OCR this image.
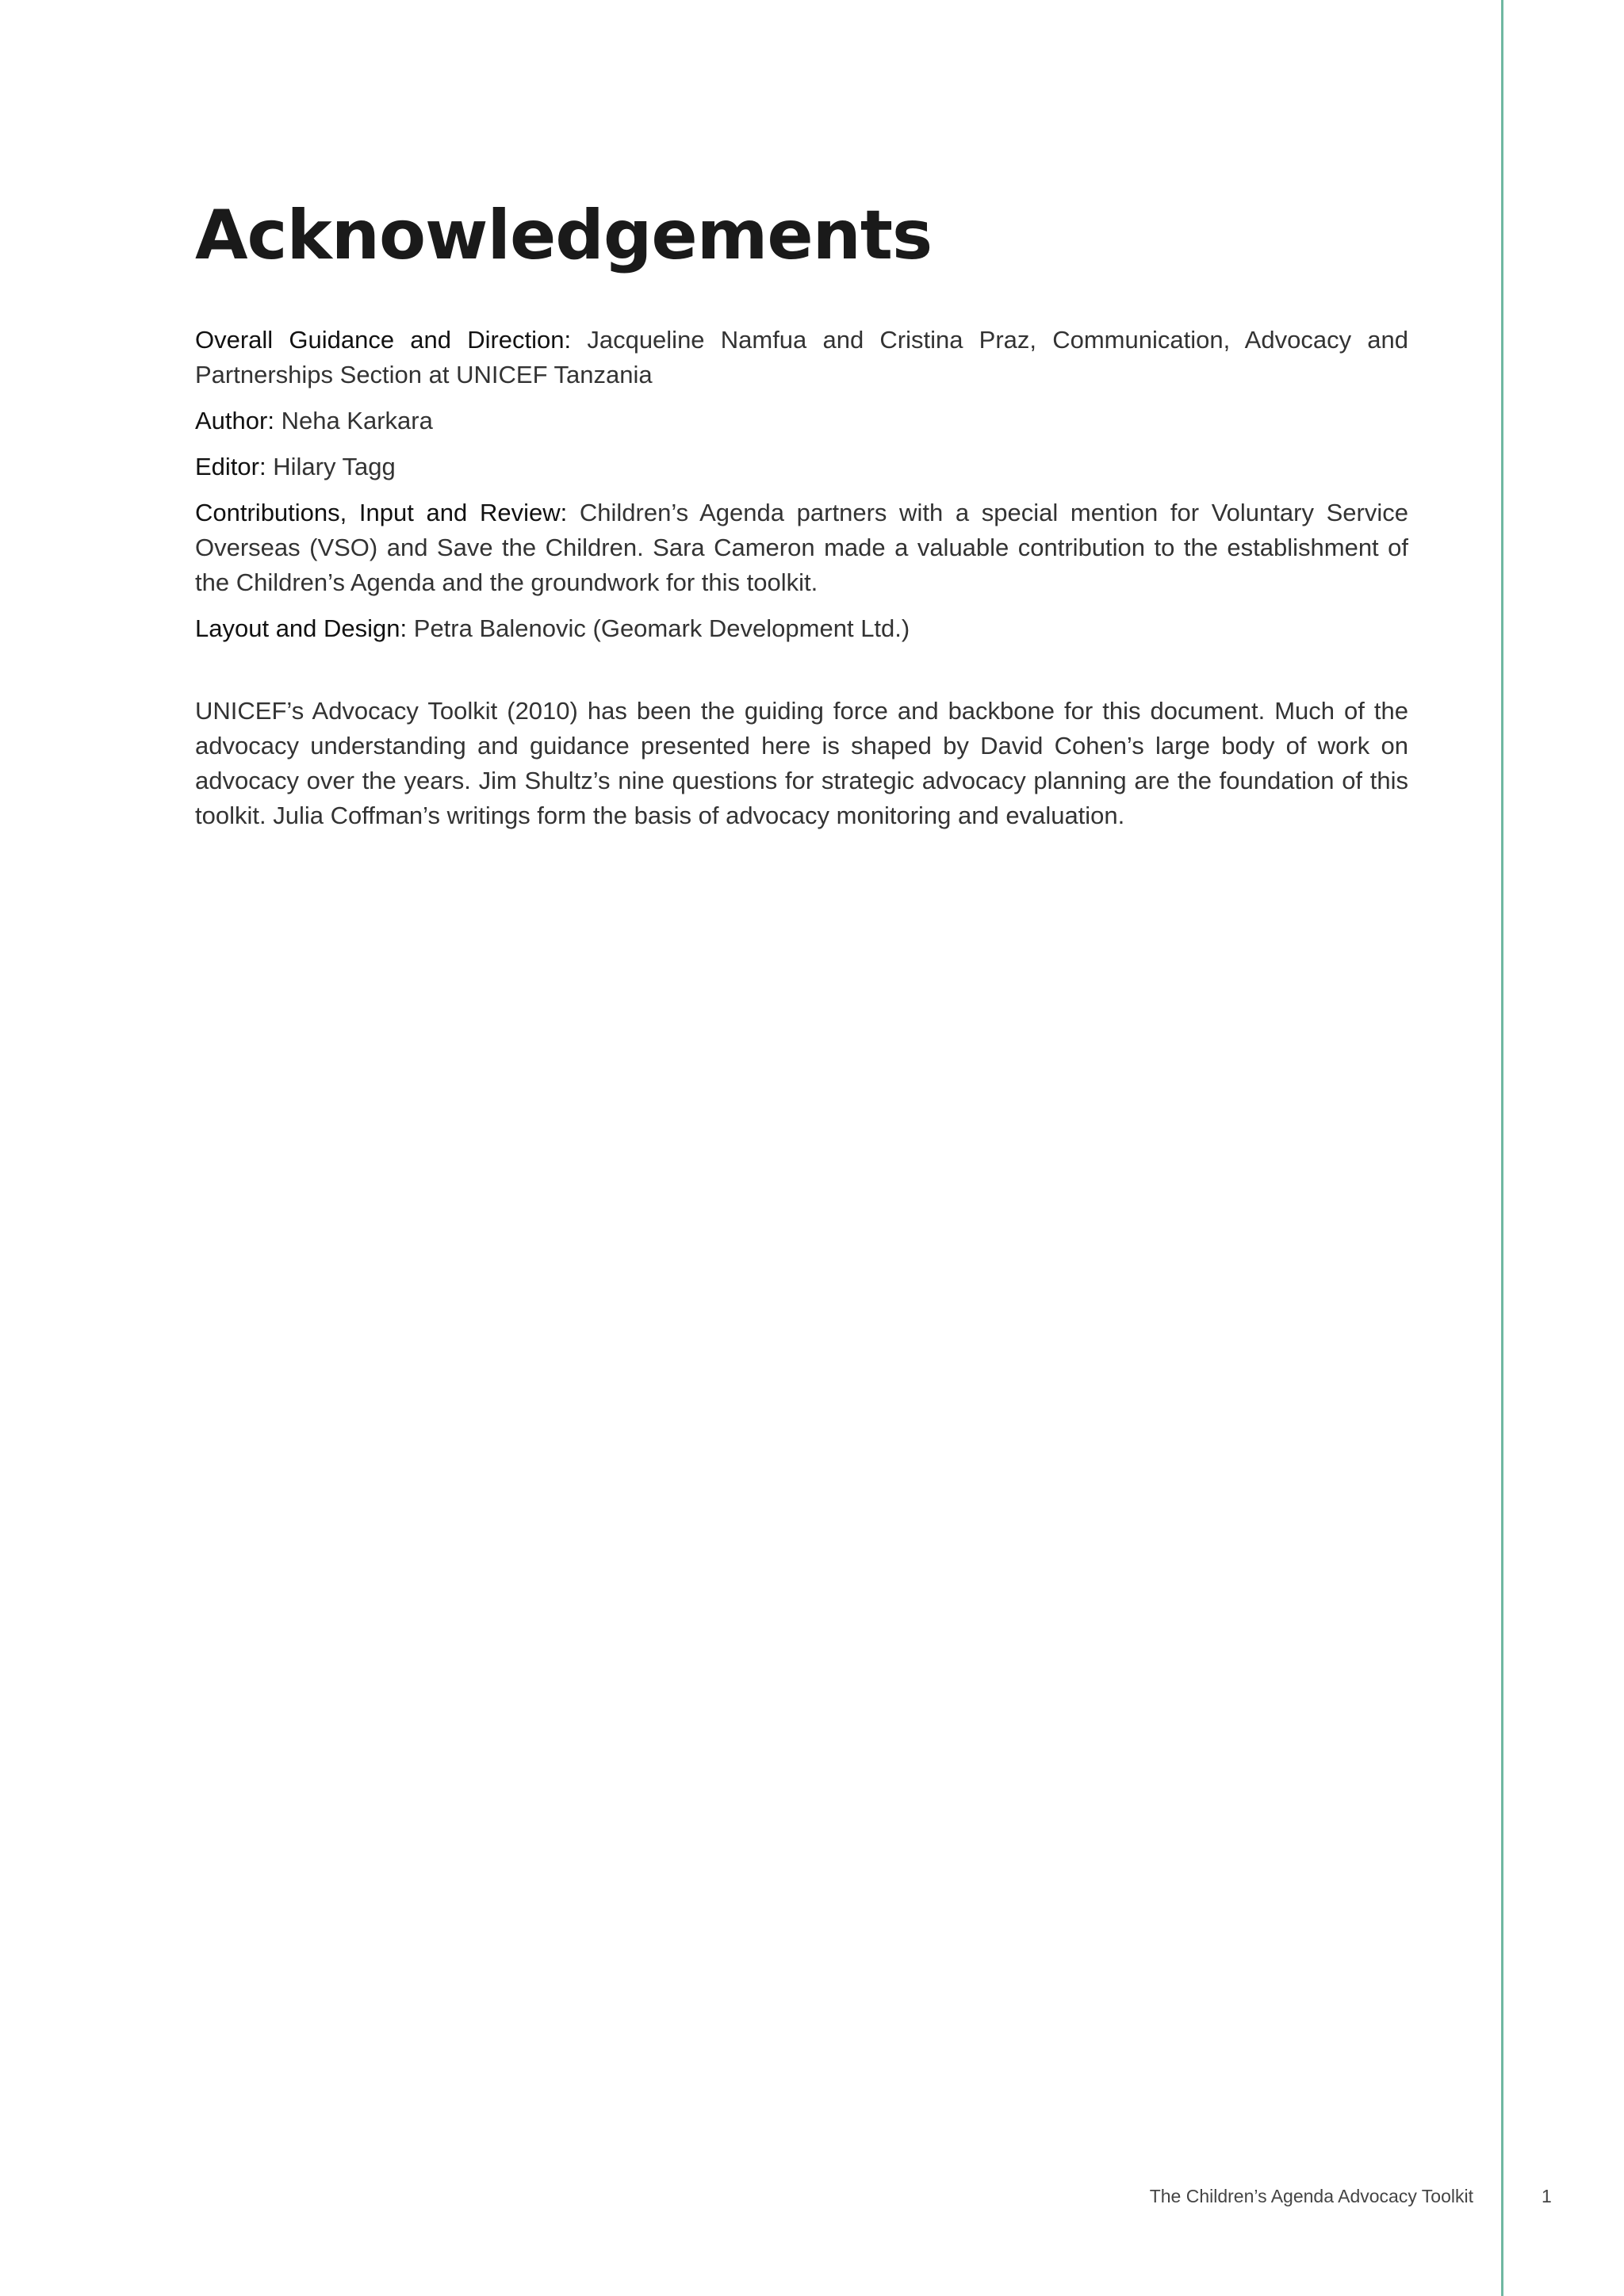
Acknowledgements

Overall Guidance and Direction: Jacqueline Namfua and Cristina Praz, Communication, Advocacy and Partnerships Section at UNICEF Tanzania

Author: Neha Karkara

Editor: Hilary Tagg

Contributions, Input and Review: Children’s Agenda partners with a special mention for Voluntary Service Overseas (VSO) and Save the Children. Sara Cameron made a valuable contribution to the establishment of the Children’s Agenda and the groundwork for this toolkit.

Layout and Design: Petra Balenovic (Geomark Development Ltd.)

UNICEF’s Advocacy Toolkit (2010) has been the guiding force and backbone for this document. Much of the advocacy understanding and guidance presented here is shaped by David Cohen’s large body of work on advocacy over the years. Jim Shultz’s nine questions for strategic advocacy planning are the foundation of this toolkit. Julia Coffman’s writings form the basis of advocacy monitoring and evaluation.

The Children’s Agenda Advocacy Toolkit	1
